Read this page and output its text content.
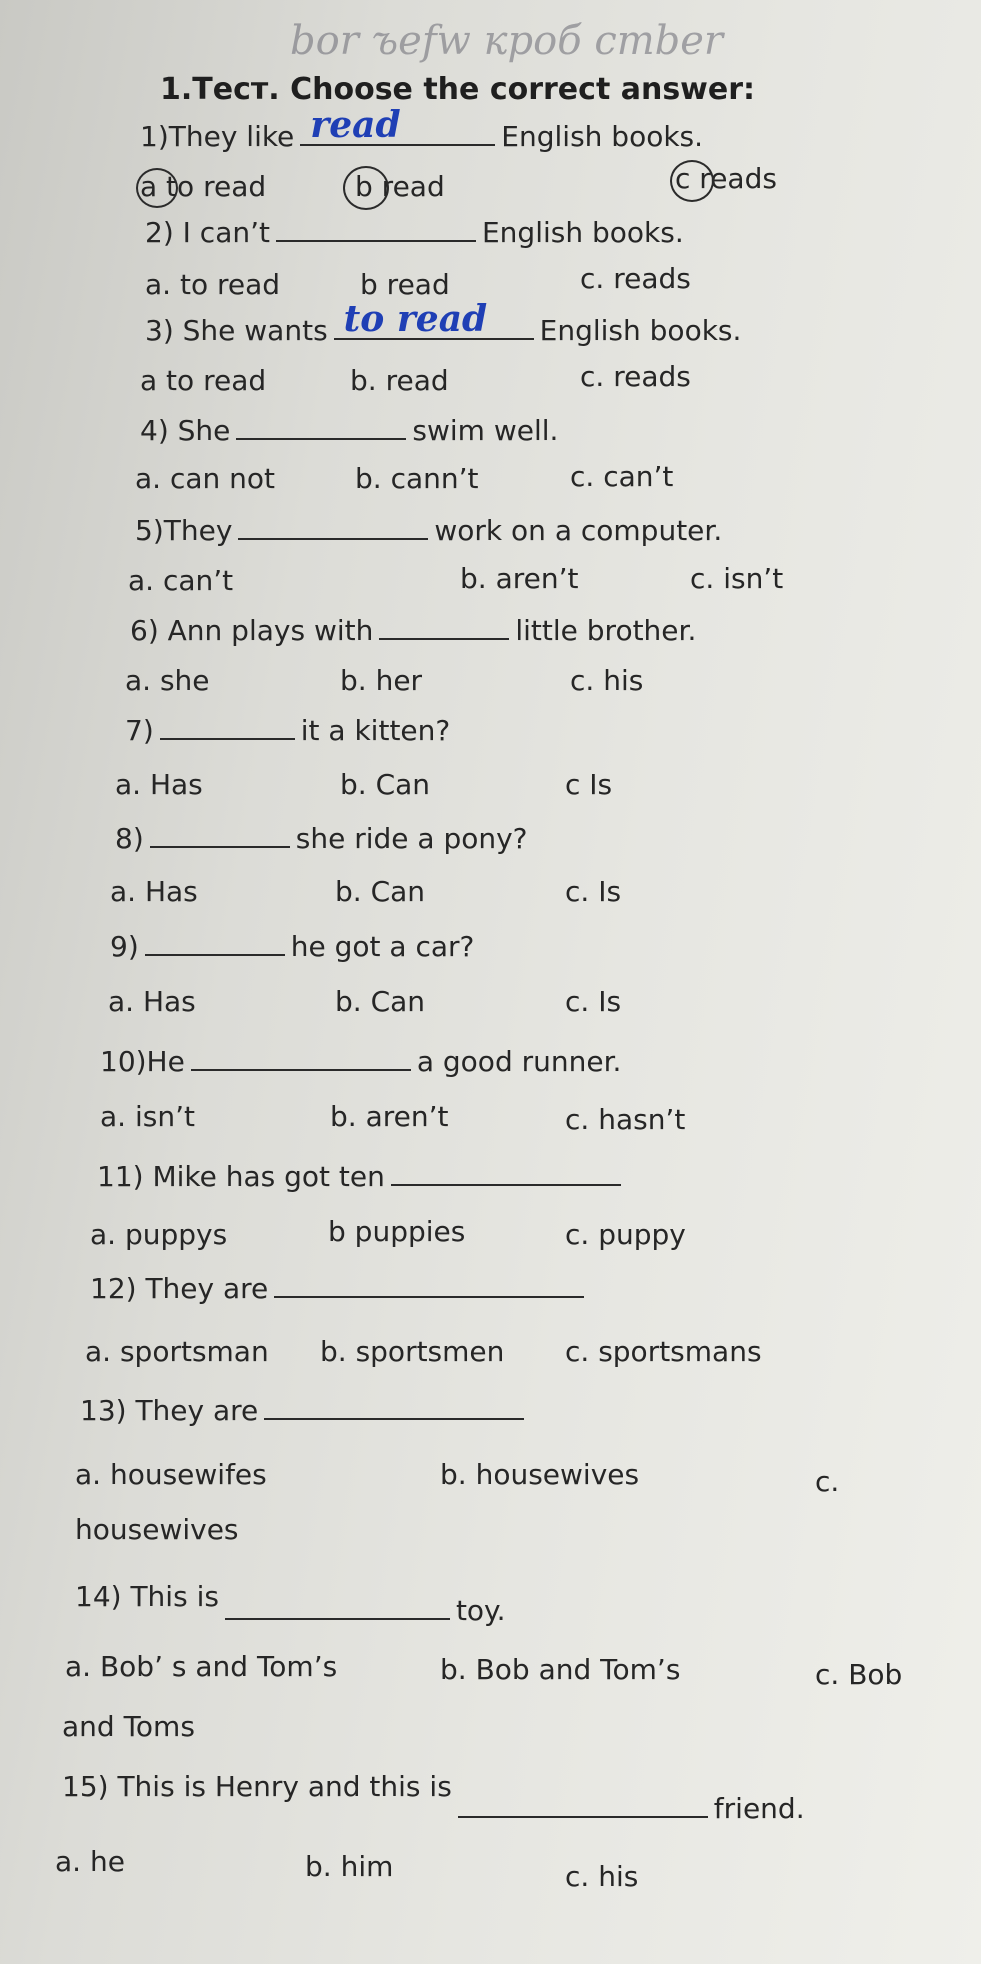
bor ъefw кроб сmber
1.Тест. Choose the correct answer:
1)They like read	English books.
a to read	b read	c reads
2) I can’t	English books.
a. to read	b read	c. reads
3) She wants to read English books.
a to read	b. read	c. reads
4) She	swim well.
a. can not	b. cann’t	c. can’t
5)They	work on a computer.
a. can’t	b. aren’t	c. isn’t
6) Ann plays with	little brother.
a. she	b. her	c. his
7)	it a kitten?
a. Has	b. Can	c Is
8)	she ride a pony?
a. Has	b. Can	c. Is
9)	he got a car?
a. Has	b. Can	c. Is
10)He	a good runner.
a. isn’t	b. aren’t	c. hasn’t
11) Mike has got ten
a. puppys	b puppies	c. puppy
12) They are
a. sportsman b. sportsmen c. sportsmans
13) They are
a. housewifes	b. housewives	c.
housewives
14) This is	toy.
a. Bob’ s and Tom’s	b. Bob and Tom’s	c. Bob
and Toms
15) This is Henry and this isfriend.
a. he	b. him	c. his
